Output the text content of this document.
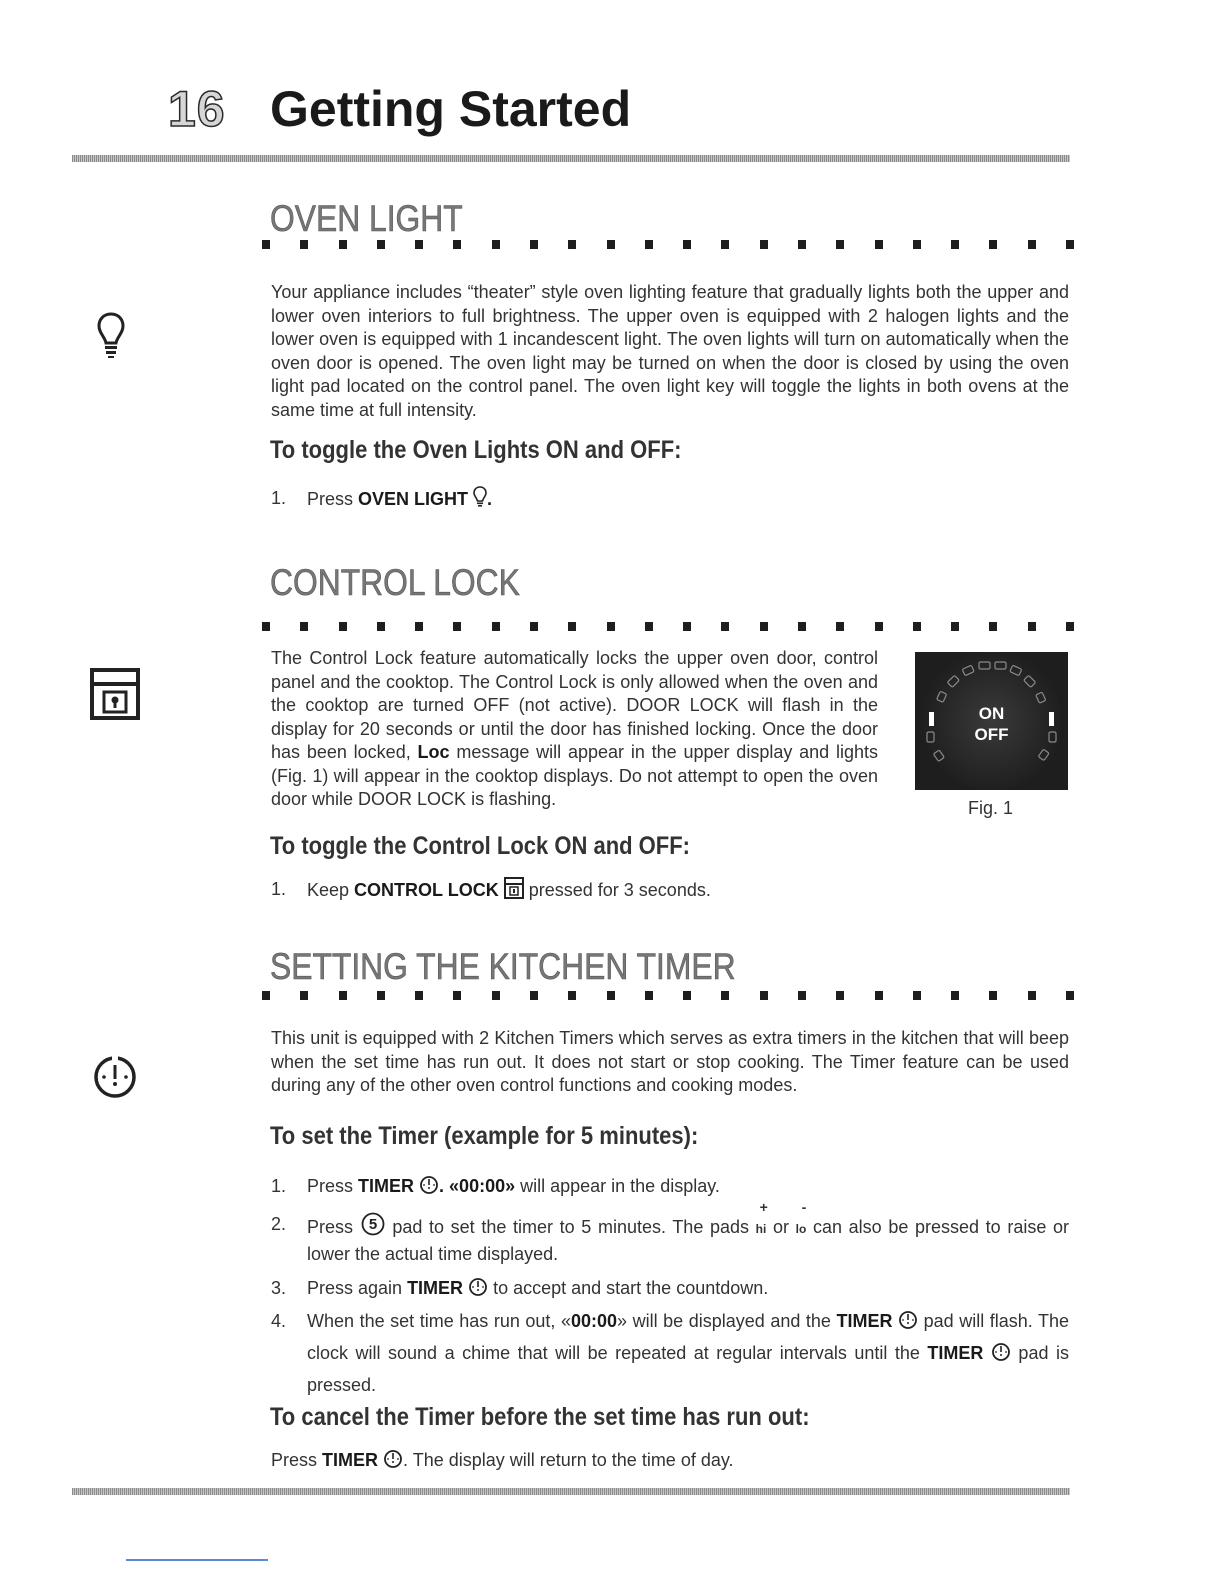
16 Getting Started
OVEN LIGHT
Your appliance includes “theater” style oven lighting feature that gradually lights both the upper and lower oven interiors to full brightness. The upper oven is equipped with 2 halogen lights and the lower oven is equipped with 1 incandescent light. The oven lights will turn on automatically when the oven door is opened. The oven light may be turned on when the door is closed by using the oven light pad located on the control panel. The oven light key will toggle the lights in both ovens at the same time at full intensity.
To toggle the Oven Lights ON and OFF:
1. Press OVEN LIGHT .
CONTROL LOCK
The Control Lock feature automatically locks the upper oven door, control panel and the cooktop. The Control Lock is only allowed when the oven and the cooktop are turned OFF (not active). DOOR LOCK will flash in the display for 20 seconds or until the door has finished locking. Once the door has been locked, Loc message will appear in the upper display and lights (Fig. 1) will appear in the cooktop displays. Do not attempt to open the oven door while DOOR LOCK is flashing.
ON
OFF
Fig. 1
To toggle the Control Lock ON and OFF:
1. Keep CONTROL LOCK  pressed for 3 seconds.
SETTING THE KITCHEN TIMER
This unit is equipped with 2 Kitchen Timers which serves as extra timers in the kitchen that will beep when the set time has run out. It does not start or stop cooking. The Timer feature can be used during any of the other oven control functions and cooking modes.
To set the Timer (example for 5 minutes):
1. Press TIMER . «00:00» will appear in the display.
2. Press 5 pad to set the timer to 5 minutes. The pads
+
hi or
-
lo can also be pressed to raise or lower the actual time displayed.
3. Press again TIMER  to accept and start the countdown.
4. When the set time has run out, «00:00» will be displayed and the TIMER  pad will flash. The clock will sound a chime that will be repeated at regular intervals until the TIMER  pad is pressed.
To cancel the Timer before the set time has run out:
Press TIMER . The display will return to the time of day.
